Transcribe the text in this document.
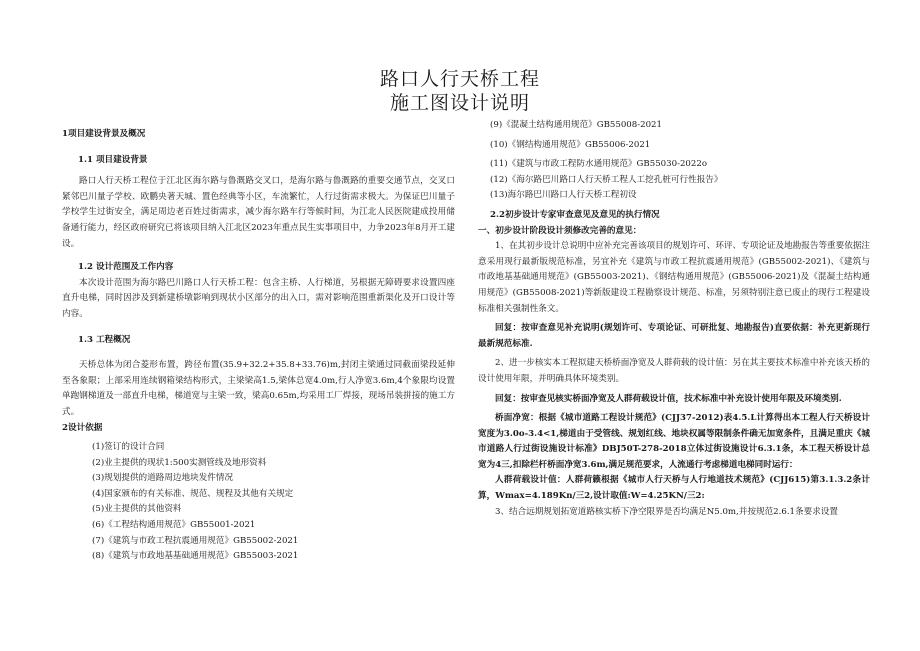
路口人行天桥工程
施工图设计说明

1项目建设背景及概况

1.1 项目建设背景

路口人行天桥工程位于江北区海尔路与鲁溉路交叉口，是海尔路与鲁溉路的重要交通节点，交叉口紧邻巴川量子学校、欧鹏央著天城、置色经典等小区，车流繁忙，人行过街需求极大。为保证巴川量子学校学生过街安全，满足周边老百姓过街需求，减少海尔路车行等候时间，为江北人民医院建成投用储备通行能力，经区政府研究已将该项目纳入江北区2023年重点民生实事项目中，力争2023年8月开工建设。

1.2 设计范围及工作内容

本次设计范围为海尔路巴川路口人行天桥工程：包含主桥、人行梯道，另根据无障碍要求设置四座直升电梯，同时因涉及到新建桥墩影响到现状小区部分的出入口，需对影响范围重新渠化及开口设计等内容。

1.3 工程概况

天桥总体为闭合菱形布置，跨径布置(35.9+32.2+35.8+33.76)m,封闭主梁通过同截面梁段延伸至各象限；上部采用连续钢箱梁结构形式，主梁梁高1.5,梁体总宽4.0m,行人净宽3.6m,4个象限均设置单跑钢梯道及一部直升电梯，梯道宽与主梁一致，梁高0.65m,均采用工厂焊接，现场吊装拼接的施工方式。

2设计依据

(1)签订的设计合同

(2)业主提供的现状1:500实测管线及地形资料

(3)规划提供的道路周边地块发件情况

(4)国家颁布的有关标准、规范、规程及其他有关规定

(5)业主提供的其他资料

(6)《工程结构通用规范》GB55001-2021

(7)《建筑与市政工程抗震通用规范》GB55002-2021

(8)《建筑与市政地基基础通用规范》GB55003-2021

(9)《混凝土结构通用规范》GB55008-2021

(10)《钢结构通用规范》GB55006-2021

(11)《建筑与市政工程防水通用规范》GB55030-2022o

(12)《海尔路巴川路口人行天桥工程人工挖孔桩可行性报告》

(13)海尔路巴川路口人行天桥工程初设

2.2初步设计专家审查意见及意见的执行情况

一、初步设计阶段设计须修改完善的意见：

1、在其初步设计总说明中应补充完善该项目的规划许可、环评、专项论证及地勘报告等重要依据注意采用现行最新版规范标准，另宜补充《建筑与市政工程抗震通用规范》(GB55002-2021)、《建筑与市政地基基础通用规范》(GB55003-2021)、《钢结构通用规范》(GB55006-2021)及《混凝土结构通用规范》(GB55008-2021)等新版建设工程勘察设计规范、标准，另须特别注意已废止的现行工程建设标准相关强制性条文。

回复：按审查意见补充说明(规划许可、专项论证、可研批复、地勘报告)直要依据：补充更新现行最新规范标准.

2、进一步核实本工程拟建天桥桥面净宽及人群荷载的设计值：另在其主要技术标准中补充该天桥的设计使用年限，并明确具体环境类别。

回复：按审查见核实桥面净宽及人群荷载设计值，技术标准中补充设计使用年限及环境类别.

桥面净宽：根据《城市道路工程设计规范》(CJJ37-2012)表4.5.L计算得出本工程人行天桥设计宽度为3.0o-3.4<1,梯道由于受管线、规划红线、地块权属等限制条件确无加宽条件，且满足重庆《城市道路人行过街设施设计标准》DBJ50T-278-2018立体过街设施设计6.3.1条，本工程天桥设计总宽为4三,扣除栏杆桥面净宽3.6m,满足规范要求，人流通行考虑梯道电梯同时运行：

人群荷载设计值：人群荷籁根据《城市人行天桥与人行地道技术规范》(CJJ615)第3.1.3.2条计算，Wmax=4.189Kn/三2,设计取值:W=4.25KN/三2:

3、结合远期规划拓宽道路核实桥下净空限界是否均满足N5.0m,并按规范2.6.1条要求设置
